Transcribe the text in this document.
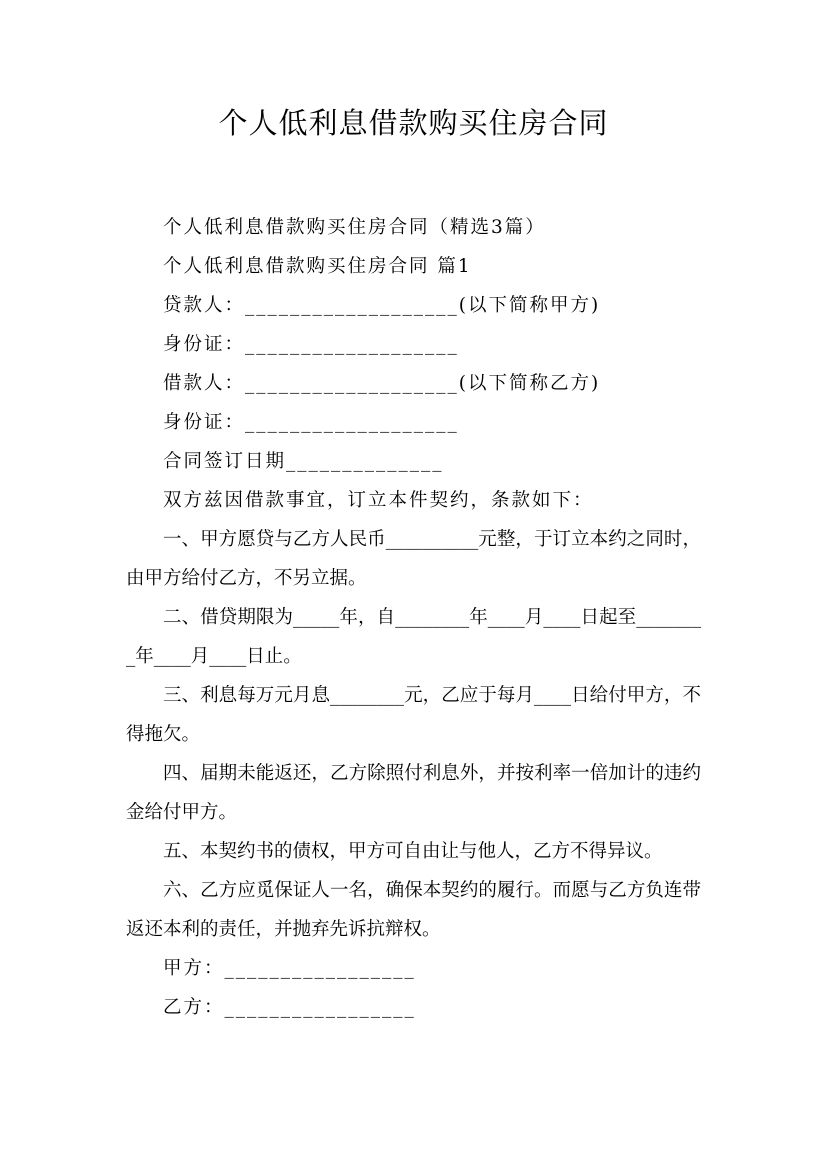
个人低利息借款购买住房合同

个人低利息借款购买住房合同（精选3篇）

个人低利息借款购买住房合同 篇1

贷款人：___________________(以下简称甲方)

身份证：___________________

借款人：___________________(以下简称乙方)

身份证：___________________

合同签订日期______________

双方兹因借款事宜，订立本件契约，条款如下：

一、甲方愿贷与乙方人民币__________元整，于订立本约之同时，由甲方给付乙方，不另立据。

二、借贷期限为_____年，自________年____月____日起至________年____月____日止。

三、利息每万元月息________元，乙应于每月____日给付甲方，不得拖欠。

四、届期未能返还，乙方除照付利息外，并按利率一倍加计的违约金给付甲方。

五、本契约书的债权，甲方可自由让与他人，乙方不得异议。

六、乙方应觅保证人一名，确保本契约的履行。而愿与乙方负连带返还本利的责任，并抛弃先诉抗辩权。

甲方：_________________

乙方：_________________
